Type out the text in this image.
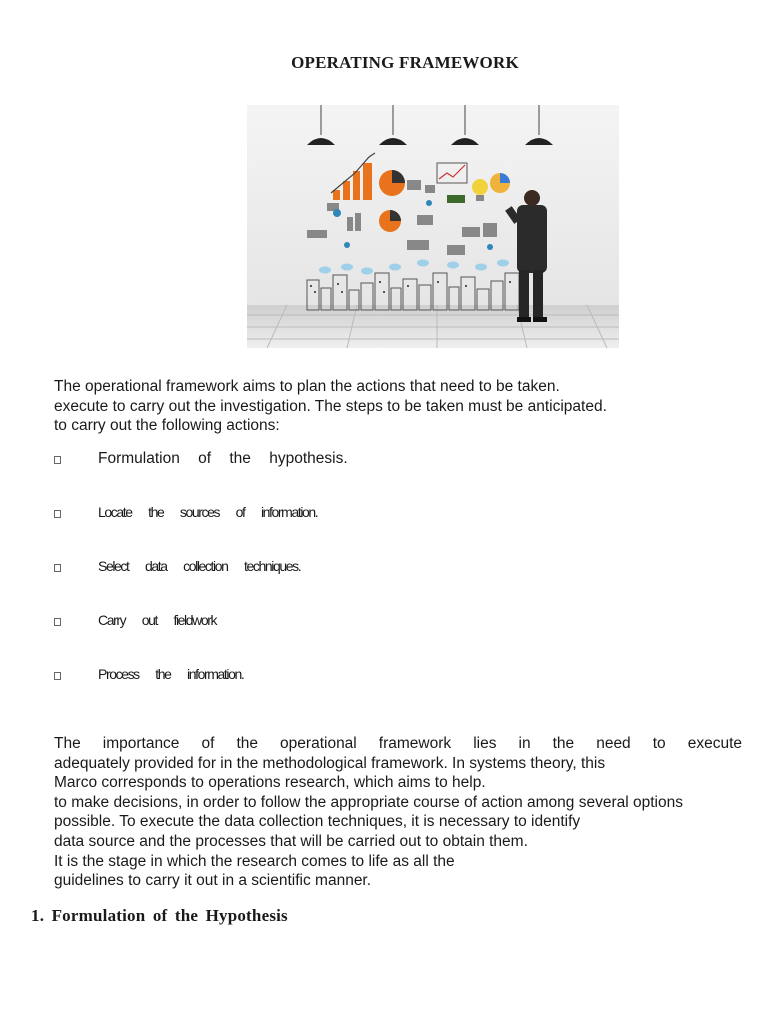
OPERATING FRAMEWORK
The operational framework aims to plan the actions that need to be taken.
execute to carry out the investigation. The steps to be taken must be anticipated.
to carry out the following actions:
Formulation of the hypothesis.
Locate the sources of information.
Select data collection techniques.
Carry out fieldwork
Process the information.
The importance of the operational framework lies in the need to execute
adequately provided for in the methodological framework. In systems theory, this
Marco corresponds to operations research, which aims to help.
to make decisions, in order to follow the appropriate course of action among several options
possible. To execute the data collection techniques, it is necessary to identify
data source and the processes that will be carried out to obtain them.
It is the stage in which the research comes to life as all the
guidelines to carry it out in a scientific manner.
1. Formulation of the Hypothesis
